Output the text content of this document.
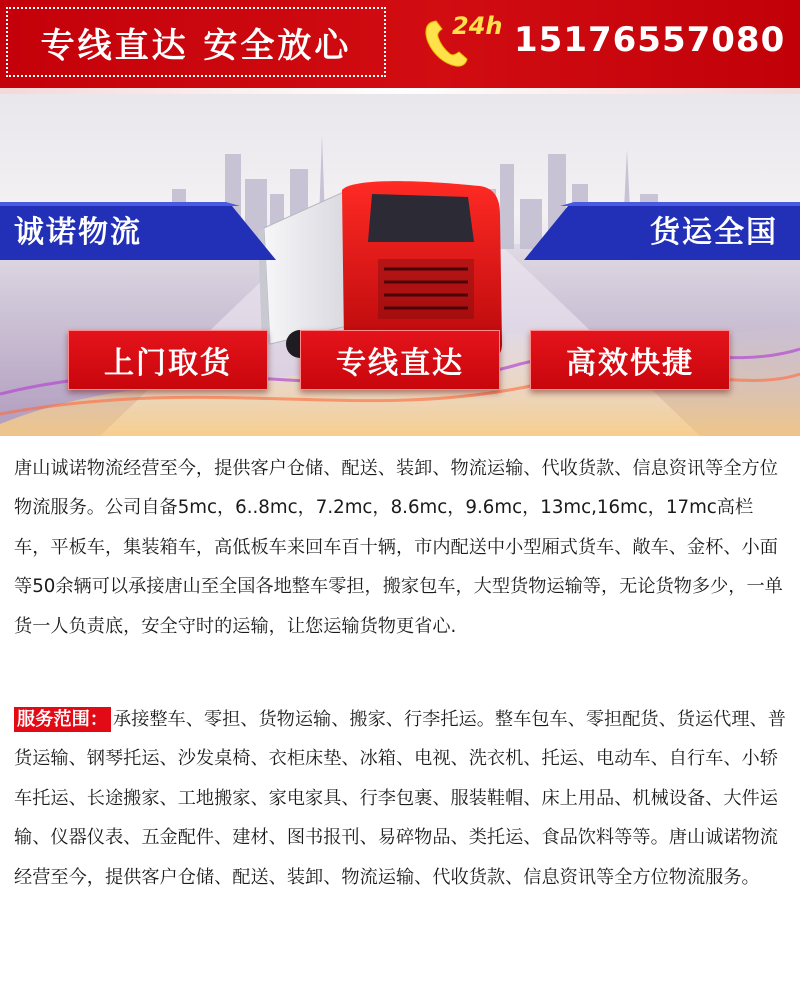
专线直达 安全放心	24h 15176557080
诚诺物流	货运全国
上门取货	专线直达	高效快捷

唐山诚诺物流经营至今，提供客户仓储、配送、装卸、物流运输、代收货款、信息资讯等全方位物流服务。公司自备5mc，6..8mc，7.2mc，8.6mc，9.6mc，13mc,16mc，17mc高栏车，平板车，集装箱车，高低板车来回车百十辆，市内配送中小型厢式货车、敞车、金杯、小面等50余辆可以承接唐山至全国各地整车零担，搬家包车，大型货物运输等，无论货物多少，一单货一人负责底，安全守时的运输，让您运输货物更省心.

服务范围： 承接整车、零担、货物运输、搬家、行李托运。整车包车、零担配货、货运代理、普货运输、钢琴托运、沙发桌椅、衣柜床垫、冰箱、电视、洗衣机、托运、电动车、自行车、小轿车托运、长途搬家、工地搬家、家电家具、行李包裹、服装鞋帽、床上用品、机械设备、大件运输、仪器仪表、五金配件、建材、图书报刊、易碎物品、类托运、食品饮料等等。唐山诚诺物流经营至今，提供客户仓储、配送、装卸、物流运输、代收货款、信息资讯等全方位物流服务。
